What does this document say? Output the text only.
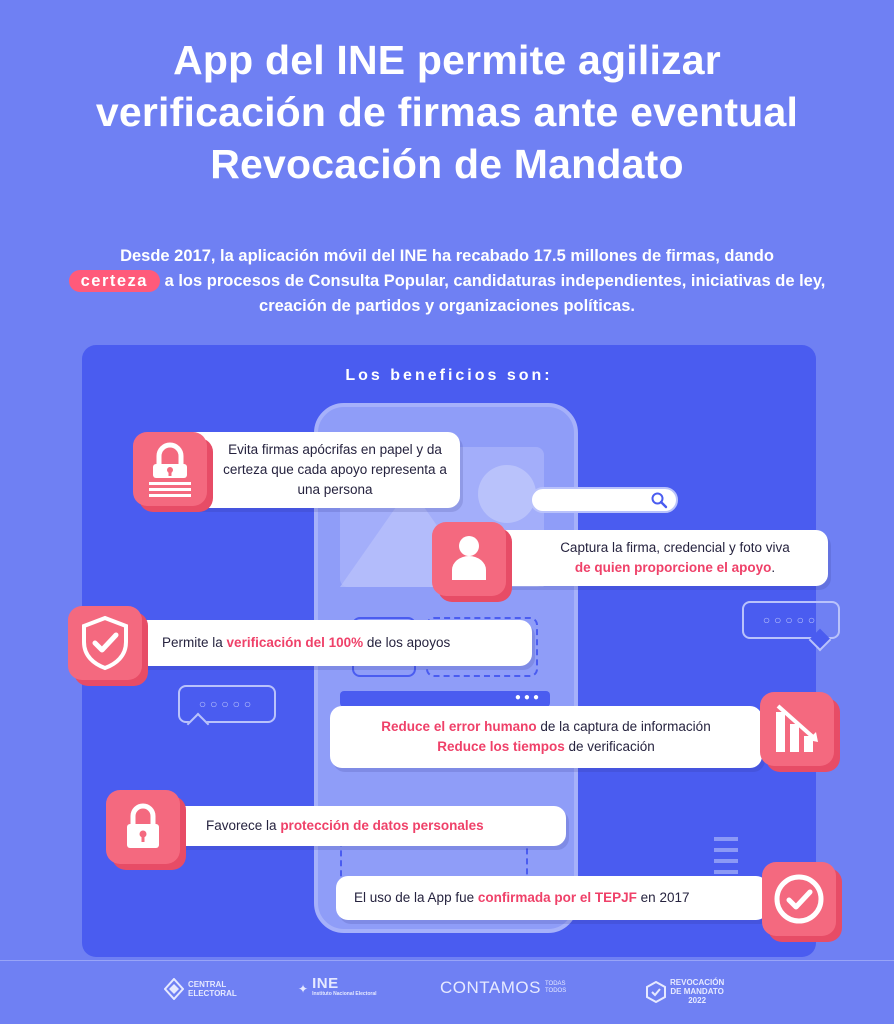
App del INE permite agilizar
verificación de firmas ante eventual
Revocación de Mandato

Desde 2017, la aplicación móvil del INE ha recabado 17.5 millones de firmas, dando
certeza a los procesos de Consulta Popular, candidaturas independientes, iniciativas de ley, creación de partidos y organizaciones políticas.

Los beneficios son:
●●●
○○○○○
○○○○○
Evita firmas apócrifas en papel y da certeza que cada apoyo representa a una persona
Captura la firma, credencial y foto viva
de quien proporcione el apoyo.
Permite la
verificación del 100%
de los apoyos
Reduce el error humano de la captura de información
Reduce los tiempos de verificación
Favorece la
protección de datos personales
El uso de la App fue
confirmada por el TEPJF
en 2017
CENTRAL
ELECTORAL	✦ INE
Instituto Nacional Electoral	CONTAMOS TODAS TODOS
REVOCACIÓN
DE MANDATO
2022
